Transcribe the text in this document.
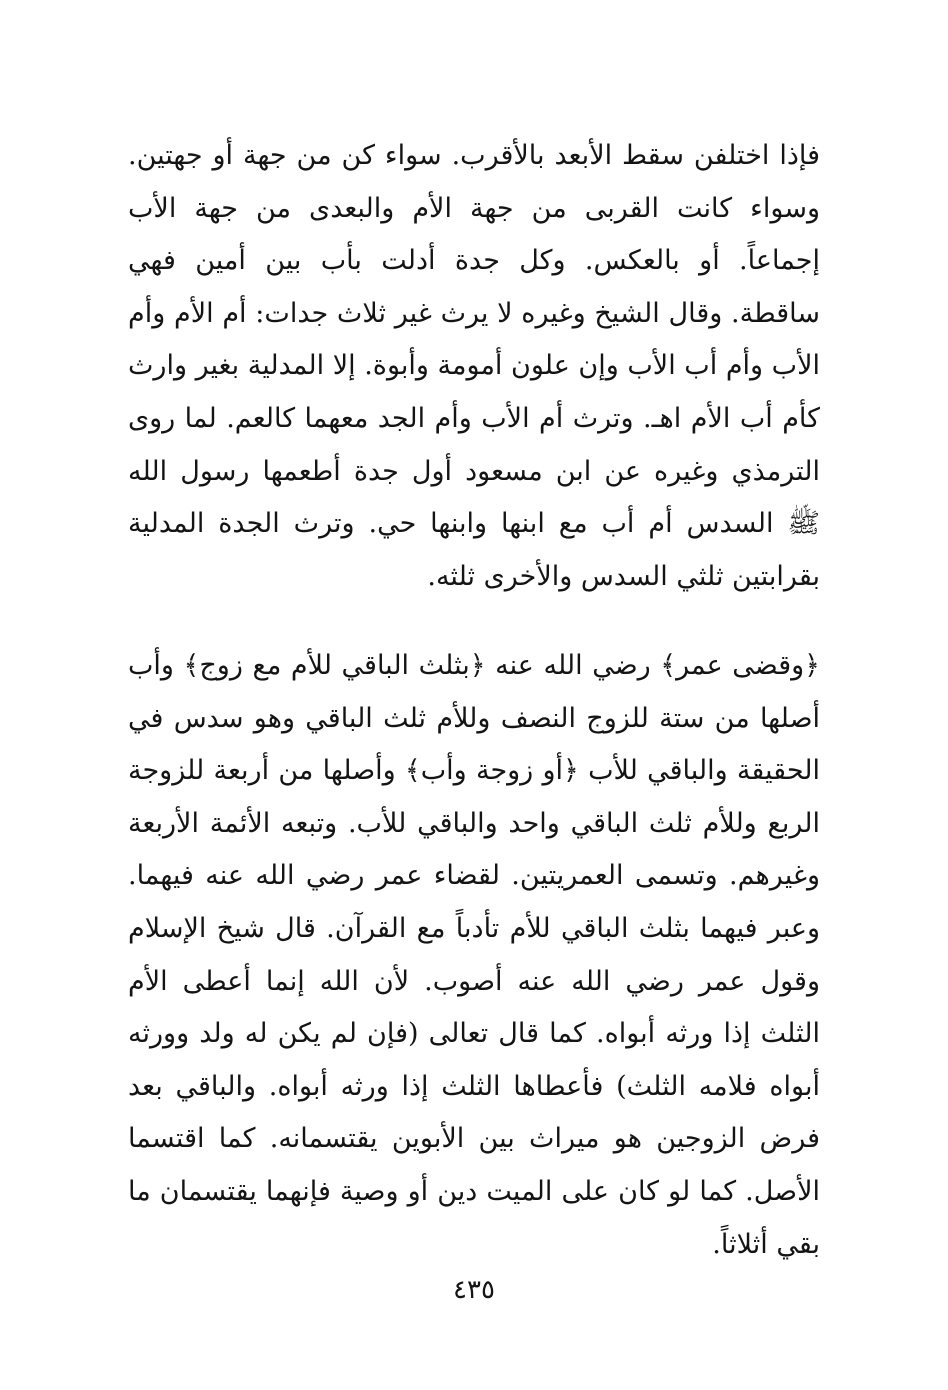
فإذا اختلفن سقط الأبعد بالأقرب. سواء كن من جهة أو جهتين. وسواء كانت القربى من جهة الأم والبعدى من جهة الأب إجماعاً. أو بالعكس. وكل جدة أدلت بأب بين أمين فهي ساقطة. وقال الشيخ وغيره لا يرث غير ثلاث جدات: أم الأم وأم الأب وأم أب الأب وإن علون أمومة وأبوة. إلا المدلية بغير وارث كأم أب الأم اهـ. وترث أم الأب وأم الجد معهما كالعم. لما روى الترمذي وغيره عن ابن مسعود أول جدة أطعمها رسول الله ﷺ السدس أم أب مع ابنها وابنها حي. وترث الجدة المدلية بقرابتين ثلثي السدس والأخرى ثلثه.

﴿وقضى عمر﴾ رضي الله عنه ﴿بثلث الباقي للأم مع زوج﴾ وأب أصلها من ستة للزوج النصف وللأم ثلث الباقي وهو سدس في الحقيقة والباقي للأب ﴿أو زوجة وأب﴾ وأصلها من أربعة للزوجة الربع وللأم ثلث الباقي واحد والباقي للأب. وتبعه الأئمة الأربعة وغيرهم. وتسمى العمريتين. لقضاء عمر رضي الله عنه فيهما. وعبر فيهما بثلث الباقي للأم تأدباً مع القرآن. قال شيخ الإسلام وقول عمر رضي الله عنه أصوب. لأن الله إنما أعطى الأم الثلث إذا ورثه أبواه. كما قال تعالى (فإن لم يكن له ولد وورثه أبواه فلامه الثلث) فأعطاها الثلث إذا ورثه أبواه. والباقي بعد فرض الزوجين هو ميراث بين الأبوين يقتسمانه. كما اقتسما الأصل. كما لو كان على الميت دين أو وصية فإنهما يقتسمان ما بقي أثلاثاً.

٤٣٥
